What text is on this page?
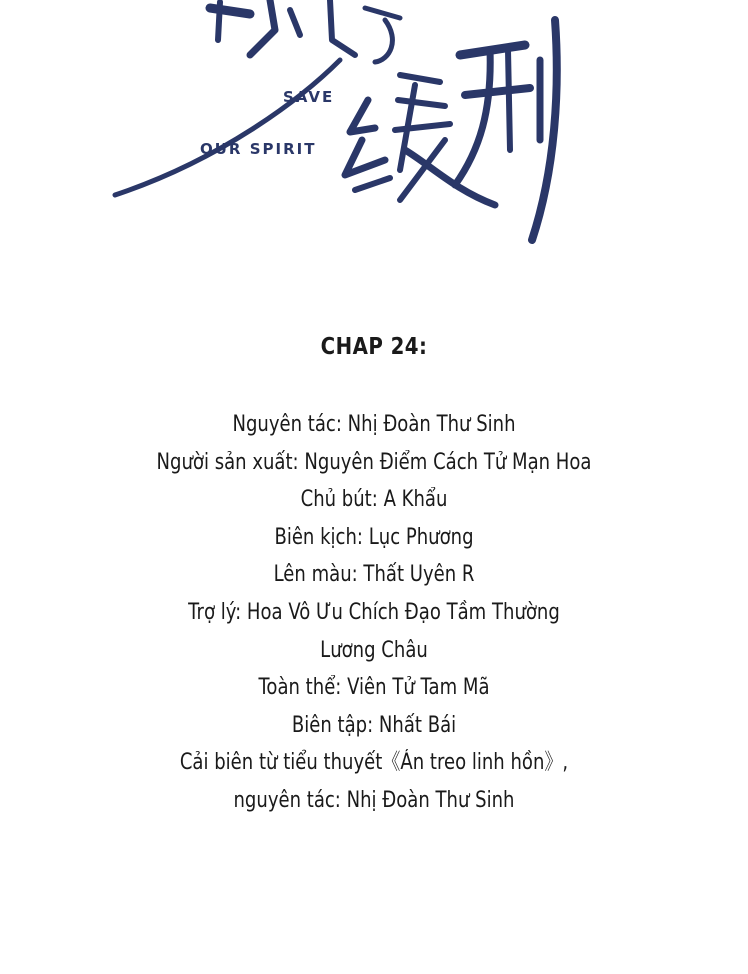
SAVE
OUR SPIRIT

CHAP 24:

Nguyên tác: Nhị Đoàn Thư Sinh

Người sản xuất: Nguyên Điểm Cách Tử Mạn Hoa

Chủ bút: A Khẩu

Biên kịch: Lục Phương

Lên màu: Thất Uyên R

Trợ lý: Hoa Vô Ưu Chích Đạo Tầm Thường

Lương Châu

Toàn thể: Viên Tử Tam Mã

Biên tập: Nhất Bái

Cải biên từ tiểu thuyết《Án treo linh hồn》,

nguyên tác: Nhị Đoàn Thư Sinh
